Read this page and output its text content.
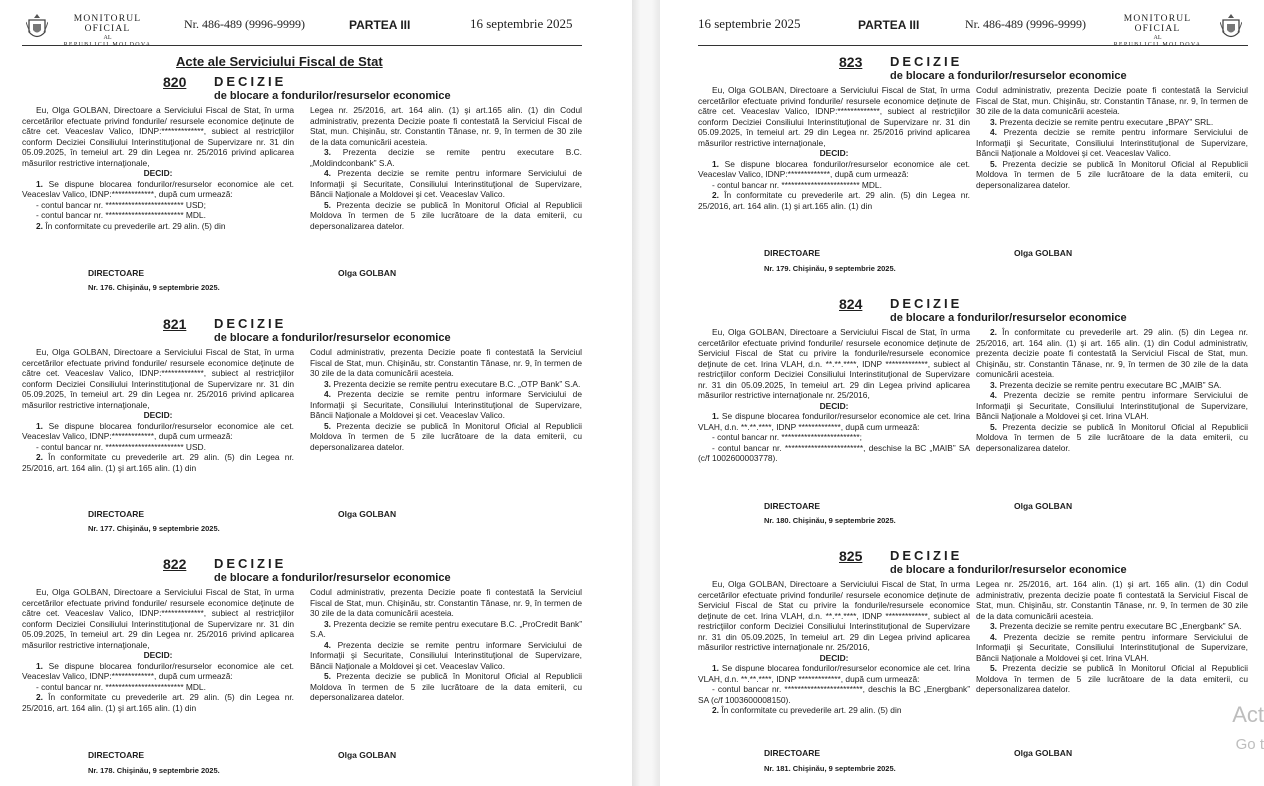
MONITORUL OFICIAL
AL
Nr. 486-489 (9996-9999)	PARTEA III	16 septembrie 2025
Acte ale Serviciului Fiscal de Stat
820 DECIZIE
de blocare a fondurilor/resurselor economice

Eu, Olga GOLBAN, Directoare a Serviciului Fiscal de Stat, în urma cercetărilor efectuate privind fondurile/ resursele economice deţinute de către cet. Veaceslav Valico, IDNP:*************, subiect al restricţiilor conform Deciziei Consiliului Interinstituţional de Supervizare nr. 31 din 05.09.2025, în temeiul art. 29 din Legea nr. 25/2016 privind aplicarea măsurilor restrictive internaţionale,

DECID:

1. Se dispune blocarea fondurilor/resurselor economice ale cet. Veaceslav Valico, IDNP:*************, după cum urmează:

- contul bancar nr. ************************ USD;

- contul bancar nr. ************************ MDL.

2. În conformitate cu prevederile art. 29 alin. (5) din

Legea nr. 25/2016, art. 164 alin. (1) şi art.165 alin. (1) din Codul administrativ, prezenta Decizie poate fi contestată la Serviciul Fiscal de Stat, mun. Chişinău, str. Constantin Tănase, nr. 9, în termen de 30 zile de la data comunicării acesteia.

3. Prezenta decizie se remite pentru executare B.C. „Moldindconbank” S.A.

4. Prezenta decizie se remite pentru informare Serviciului de Informaţii şi Securitate, Consiliului Interinstituţional de Supervizare, Băncii Naţionale a Moldovei şi cet. Veaceslav Valico.

5. Prezenta decizie se publică în Monitorul Oficial al Republicii Moldova în termen de 5 zile lucrătoare de la data emiterii, cu depersonalizarea datelor.

DIRECTOARE	Olga GOLBAN
Nr. 176. Chişinău, 9 septembrie 2025.
821 DECIZIE
de blocare a fondurilor/resurselor economice

Eu, Olga GOLBAN, Directoare a Serviciului Fiscal de Stat, în urma cercetărilor efectuate privind fondurile/ resursele economice deţinute de către cet. Veaceslav Valico, IDNP:*************, subiect al restricţiilor conform Deciziei Consiliului Interinstituţional de Supervizare nr. 31 din 05.09.2025, în temeiul art. 29 din Legea nr. 25/2016 privind aplicarea măsurilor restrictive internaţionale,

DECID:

1. Se dispune blocarea fondurilor/resurselor economice ale cet. Veaceslav Valico, IDNP:*************, după cum urmează:

- contul bancar nr. ************************ USD.

2. În conformitate cu prevederile art. 29 alin. (5) din Legea nr. 25/2016, art. 164 alin. (1) şi art.165 alin. (1) din

Codul administrativ, prezenta Decizie poate fi contestată la Serviciul Fiscal de Stat, mun. Chişinău, str. Constantin Tănase, nr. 9, în termen de 30 zile de la data comunicării acesteia.

3. Prezenta decizie se remite pentru executare B.C. „OTP Bank” S.A.

4. Prezenta decizie se remite pentru informare Serviciului de Informaţii şi Securitate, Consiliului Interinstituţional de Supervizare, Băncii Naţionale a Moldovei şi cet. Veaceslav Valico.

5. Prezenta decizie se publică în Monitorul Oficial al Republicii Moldova în termen de 5 zile lucrătoare de la data emiterii, cu depersonalizarea datelor.

DIRECTOARE	Olga GOLBAN
Nr. 177. Chişinău, 9 septembrie 2025.
822 DECIZIE
de blocare a fondurilor/resurselor economice

Eu, Olga GOLBAN, Directoare a Serviciului Fiscal de Stat, în urma cercetărilor efectuate privind fondurile/ resursele economice deţinute de către cet. Veaceslav Valico, IDNP:*************, subiect al restricţiilor conform Deciziei Consiliului Interinstituţional de Supervizare nr. 31 din 05.09.2025, în temeiul art. 29 din Legea nr. 25/2016 privind aplicarea măsurilor restrictive internaţionale,

DECID:

1. Se dispune blocarea fondurilor/resurselor economice ale cet. Veaceslav Valico, IDNP:*************, după cum urmează:

- contul bancar nr. ************************ MDL.

2. În conformitate cu prevederile art. 29 alin. (5) din Legea nr. 25/2016, art. 164 alin. (1) şi art.165 alin. (1) din

Codul administrativ, prezenta Decizie poate fi contestată la Serviciul Fiscal de Stat, mun. Chişinău, str. Constantin Tănase, nr. 9, în termen de 30 zile de la data comunicării acesteia.

3. Prezenta decizie se remite pentru executare B.C. „ProCredit Bank” S.A.

4. Prezenta decizie se remite pentru informare Serviciului de Informaţii şi Securitate, Consiliului Interinstituţional de Supervizare, Băncii Naţionale a Moldovei şi cet. Veaceslav Valico.

5. Prezenta decizie se publică în Monitorul Oficial al Republicii Moldova în termen de 5 zile lucrătoare de la data emiterii, cu depersonalizarea datelor.

DIRECTOARE	Olga GOLBAN
Nr. 178. Chişinău, 9 septembrie 2025.
16 septembrie 2025	PARTEA III	Nr. 486-489 (9996-9999)	MONITORUL OFICIAL
AL
823 DECIZIE
de blocare a fondurilor/resurselor economice

Eu, Olga GOLBAN, Directoare a Serviciului Fiscal de Stat, în urma cercetărilor efectuate privind fondurile/ resursele economice deţinute de către cet. Veaceslav Valico, IDNP:*************, subiect al restricţiilor conform Deciziei Consiliului Interinstituţional de Supervizare nr. 31 din 05.09.2025, în temeiul art. 29 din Legea nr. 25/2016 privind aplicarea măsurilor restrictive internaţionale,

DECID:

1. Se dispune blocarea fondurilor/resurselor economice ale cet. Veaceslav Valico, IDNP:*************, după cum urmează:

- contul bancar nr. ************************ MDL.

2. În conformitate cu prevederile art. 29 alin. (5) din Legea nr. 25/2016, art. 164 alin. (1) şi art.165 alin. (1) din

Codul administrativ, prezenta Decizie poate fi contestată la Serviciul Fiscal de Stat, mun. Chişinău, str. Constantin Tănase, nr. 9, în termen de 30 zile de la data comunicării acesteia.

3. Prezenta decizie se remite pentru executare „BPAY” SRL.

4. Prezenta decizie se remite pentru informare Serviciului de Informaţii şi Securitate, Consiliului Interinstituţional de Supervizare, Băncii Naţionale a Moldovei şi cet. Veaceslav Valico.

5. Prezenta decizie se publică în Monitorul Oficial al Republicii Moldova în termen de 5 zile lucrătoare de la data emiterii, cu depersonalizarea datelor.

DIRECTOARE	Olga GOLBAN
Nr. 179. Chişinău, 9 septembrie 2025.
824 DECIZIE
de blocare a fondurilor/resurselor economice

Eu, Olga GOLBAN, Directoare a Serviciului Fiscal de Stat, în urma cercetărilor efectuate privind fondurile/ resursele economice deţinute de Serviciul Fiscal de Stat cu privire la fondurile/resursele economice deţinute de cet. Irina VLAH, d.n. **.**.****, IDNP *************, subiect al restricţiilor conform Deciziei Consiliului Interinstituţional de Supervizare nr. 31 din 05.09.2025, în temeiul art. 29 din Legea privind aplicarea măsurilor restrictive internaţionale nr. 25/2016,

DECID:

1. Se dispune blocarea fondurilor/resurselor economice ale cet. Irina VLAH, d.n. **.**.****, IDNP *************, după cum urmează:

- contul bancar nr. ************************;

- contul bancar nr. ************************, deschise la BC „MAIB” SA (c/f 1002600003778).

2. În conformitate cu prevederile art. 29 alin. (5) din Legea nr. 25/2016, art. 164 alin. (1) şi art. 165 alin. (1) din Codul administrativ, prezenta decizie poate fi contestată la Serviciul Fiscal de Stat, mun. Chişinău, str. Constantin Tănase, nr. 9, în termen de 30 zile de la data comunicării acesteia.

3. Prezenta decizie se remite pentru executare BC „MAIB” SA.

4. Prezenta decizie se remite pentru informare Serviciului de Informaţii şi Securitate, Consiliului Interinstituţional de Supervizare, Băncii Naţionale a Moldovei şi cet. Irina VLAH.

5. Prezenta decizie se publică în Monitorul Oficial al Republicii Moldova în termen de 5 zile lucrătoare de la data emiterii, cu depersonalizarea datelor.

DIRECTOARE	Olga GOLBAN
Nr. 180. Chişinău, 9 septembrie 2025.
825 DECIZIE
de blocare a fondurilor/resurselor economice

Eu, Olga GOLBAN, Directoare a Serviciului Fiscal de Stat, în urma cercetărilor efectuate privind fondurile/ resursele economice deţinute de Serviciul Fiscal de Stat cu privire la fondurile/resursele economice deţinute de cet. Irina VLAH, d.n. **.**.****, IDNP *************, subiect al restricţiilor conform Deciziei Consiliului Interinstituţional de Supervizare nr. 31 din 05.09.2025, în temeiul art. 29 din Legea privind aplicarea măsurilor restrictive internaţionale nr. 25/2016,

DECID:

1. Se dispune blocarea fondurilor/resurselor economice ale cet. Irina VLAH, d.n. **.**.****, IDNP *************, după cum urmează:

- contul bancar nr. ************************, deschis la BC „Energbank” SA (c/f 1003600008150).

2. În conformitate cu prevederile art. 29 alin. (5) din

Legea nr. 25/2016, art. 164 alin. (1) şi art. 165 alin. (1) din Codul administrativ, prezenta decizie poate fi contestată la Serviciul Fiscal de Stat, mun. Chişinău, str. Constantin Tănase, nr. 9, în termen de 30 zile de la data comunicării acesteia.

3. Prezenta decizie se remite pentru executare BC „Energbank” SA.

4. Prezenta decizie se remite pentru informare Serviciului de Informaţii şi Securitate, Consiliului Interinstituţional de Supervizare, Băncii Naţionale a Moldovei şi cet. Irina VLAH.

5. Prezenta decizie se publică în Monitorul Oficial al Republicii Moldova în termen de 5 zile lucrătoare de la data emiterii, cu depersonalizarea datelor.

DIRECTOARE	Olga GOLBAN
Nr. 181. Chişinău, 9 septembrie 2025.
Act
Go t
